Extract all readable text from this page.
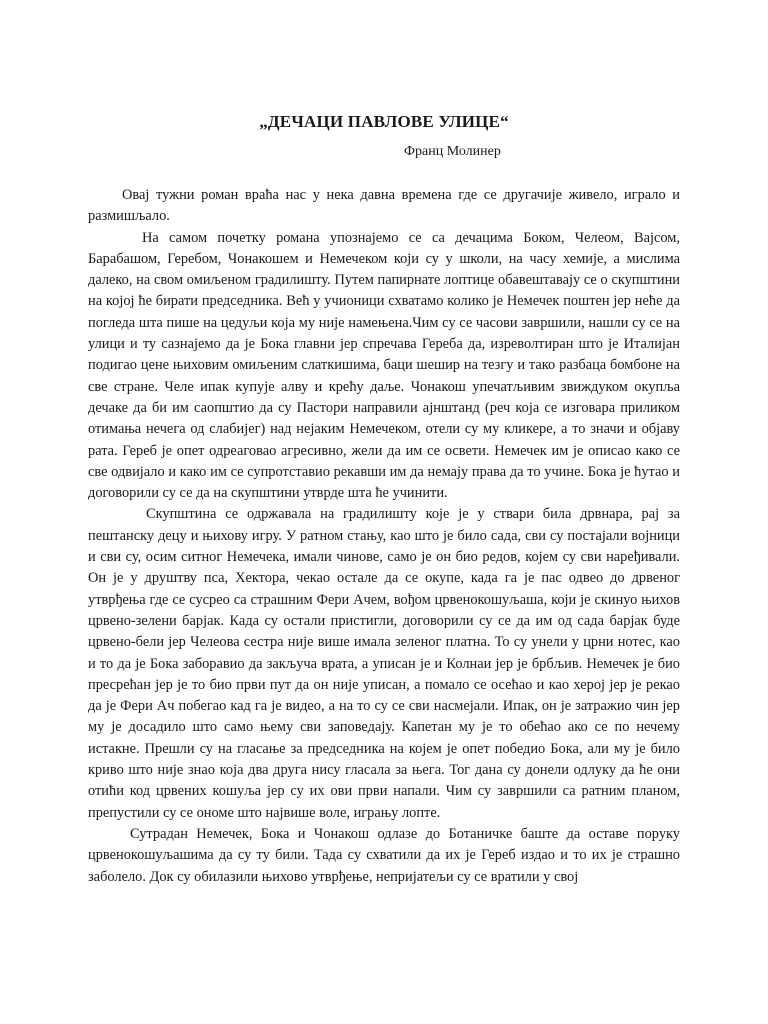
„ДЕЧАЦИ ПАВЛОВЕ УЛИЦЕ“
Франц Молинер

Овај тужни роман враћа нас у нека давна времена где се другачије живело, играло и размишљало.

На самом почетку романа упознајемо се са дечацима Боком, Челеом, Вајсом, Барабашом, Геребом, Чонакошем и Немечеком који су у школи, на часу хемије, а мислима далеко, на свом омиљеном градилишту. Путем папирнате лоптице обавештавају се о скупштини на којој ће бирати председника. Већ у учионици схватамо колико је Немечек поштен јер неће да погледа шта пише на цедуљи која му није намењена.Чим су се часови завршили, нашли су се на улици и ту сазнајемо да је Бока главни јер спречава Гереба да, изреволтиран што је Италијан подигао цене њиховим омиљеним слаткишима, баци шешир на тезгу и тако разбаца бомбоне на све стране. Челе ипак купује алву и крећу даље. Чонакош упечатљивим звиждуком окупља дечаке да би им саопштио да су Пастори направили ајнштанд (реч која се изговара приликом отимања нечега од слабијег) над нејаким Немечеком, отели су му кликере, а то значи и објаву рата. Гереб је опет одреаговао агресивно, жели да им се освети. Немечек им је описао како се све одвијало и како им се супротставио рекавши им да немају права да то учине. Бока је ћутао и договорили су се да на скупштини утврде шта ће учинити.

Скупштина се одржавала на градилишту које је у ствари била дрвнара, рај за пештанску децу и њихову игру. У ратном стању, као што је било сада, сви су постајали војници и сви су, осим ситног Немечека, имали чинове, само је он био редов, којем су сви наређивали. Он је у друштву пса, Хектора, чекао остале да се окупе, када га је пас одвео до дрвеног утврђења где се сусрео са страшним Фери Ачем, вођом црвенокошуљаша, који је скинуо њихов црвено-зелени барјак. Када су остали пристигли, договорили су се да им од сада барјак буде црвено-бели јер Челеова сестра није више имала зеленог платна. То су унели у црни нотес, као и то да је Бока заборавио да закључа врата, а уписан је и Колнаи јер је брбљив. Немечек је био пресрећан јер је то био први пут да он није уписан, а помало се осећао и као херој јер је рекао да је Фери Ач побегао кад га је видео, а на то су се сви насмејали. Ипак, он је затражио чин јер му је досадило што само њему сви заповедају. Капетан му је то обећао ако се по нечему истакне. Прешли су на гласање за председника на којем је опет победио Бока, али му је било криво што није знао која два друга нису гласала за њега. Тог дана су донели одлуку да ће они отићи код црвених кошуља јер су их ови први напали. Чим су завршили са ратним планом, препустили су се ономе што највише воле, игрању лопте.

Сутрадан Немечек, Бока и Чонакош одлазе до Ботаничке баште да оставе поруку црвенокошуљашима да су ту били. Тада су схватили да их је Гереб издао и то их је страшно заболело. Док су обилазили њихово утврђење, непријатељи су се вратили у свој
